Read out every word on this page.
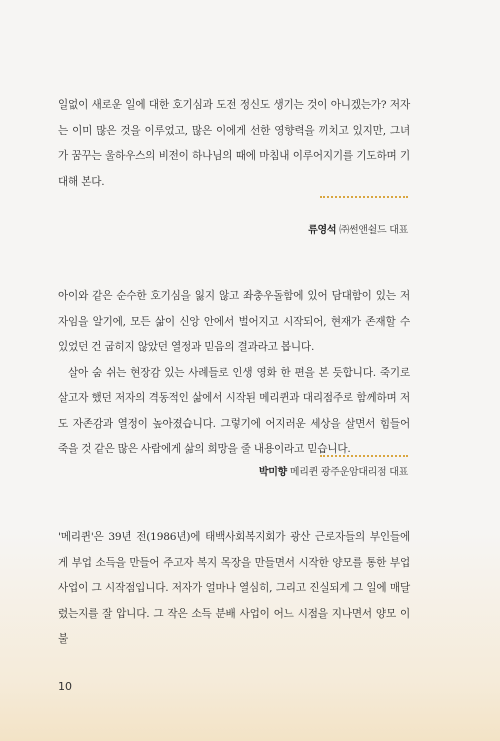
일없이 새로운 일에 대한 호기심과 도전 정신도 생기는 것이 아니겠는가? 저자는 이미 많은 것을 이루었고, 많은 이에게 선한 영향력을 끼치고 있지만, 그녀가 꿈꾸는 울하우스의 비전이 하나님의 때에 마침내 이루어지기를 기도하며 기대해 본다.

류영석 ㈜썬앤쉴드 대표

아이와 같은 순수한 호기심을 잃지 않고 좌충우돌함에 있어 담대함이 있는 저자임을 알기에, 모든 삶이 신앙 안에서 벌어지고 시작되어, 현재가 존재할 수 있었던 건 굽히지 않았던 열정과 믿음의 결과라고 봅니다.

살아 숨 쉬는 현장감 있는 사례들로 인생 영화 한 편을 본 듯합니다. 죽기로 살고자 했던 저자의 격동적인 삶에서 시작된 메리퀸과 대리점주로 함께하며 저도 자존감과 열정이 높아졌습니다. 그렇기에 어지러운 세상을 살면서 힘들어 죽을 것 같은 많은 사람에게 삶의 희망을 줄 내용이라고 믿습니다.

박미향 메리퀸 광주운암대리점 대표

'메리퀸'은 39년 전(1986년)에 태백사회복지회가 광산 근로자들의 부인들에게 부업 소득을 만들어 주고자 복지 목장을 만들면서 시작한 양모를 통한 부업 사업이 그 시작점입니다. 저자가 얼마나 열심히, 그리고 진실되게 그 일에 매달렸는지를 잘 압니다. 그 작은 소득 분배 사업이 어느 시점을 지나면서 양모 이불

10
